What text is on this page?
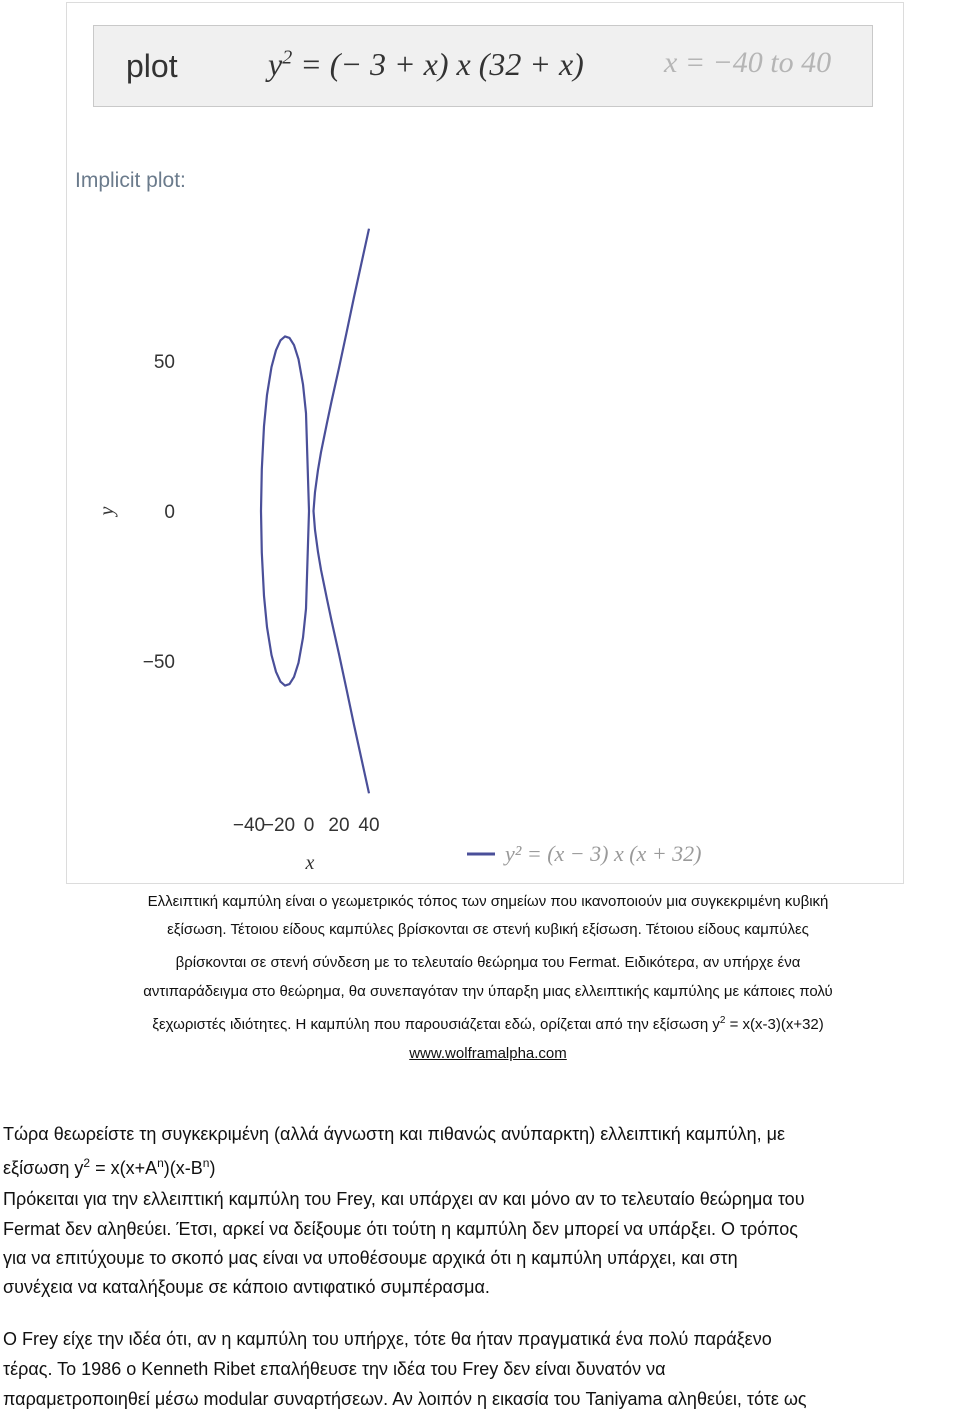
plot	$y^2$ = (− 3 + x) x (32 + x)	x = −40 to 40
Implicit plot:
y
x
−40
−20 0 20 40
50
0
−50
y² = (x − 3) x (x + 32)
Ελλειπτική καμπύλη είναι ο γεωμετρικός τόπος των σημείων που ικανοποιούν μια συγκεκριμένη κυβική
εξίσωση. Τέτοιου είδους καμπύλες βρίσκονται σε στενή κυβική εξίσωση. Τέτοιου είδους καμπύλες
βρίσκονται σε στενή σύνδεση με το τελευταίο θεώρημα του Fermat. Ειδικότερα, αν υπήρχε ένα
αντιπαράδειγμα στο θεώρημα, θα συνεπαγόταν την ύπαρξη μιας ελλειπτικής καμπύλης με κάποιες πολύ
ξεχωριστές ιδιότητες. Η καμπύλη που παρουσιάζεται εδώ, ορίζεται από την εξίσωση $y^2 = x(x-3)(x+32)$
www.wolframalpha.com
Τώρα θεωρείστε τη συγκεκριμένη (αλλά άγνωστη και πιθανώς ανύπαρκτη) ελλειπτική καμπύλη, με
εξίσωση $y^2 = x(x+A^n)(x-B^n)$
Πρόκειται για την ελλειπτική καμπύλη του Frey, και υπάρχει αν και μόνο αν το τελευταίο θεώρημα του
Fermat δεν αληθεύει. Έτσι, αρκεί να δείξουμε ότι τούτη η καμπύλη δεν μπορεί να υπάρξει. Ο τρόπος
για να επιτύχουμε το σκοπό μας είναι να υποθέσουμε αρχικά ότι η καμπύλη υπάρχει, και στη
συνέχεια να καταλήξουμε σε κάποιο αντιφατικό συμπέρασμα.
Ο Frey είχε την ιδέα ότι, αν η καμπύλη του υπήρχε, τότε θα ήταν πραγματικά ένα πολύ παράξενο
τέρας. Το 1986 ο Kenneth Ribet επαλήθευσε την ιδέα του Frey δεν είναι δυνατόν να
παραμετροποιηθεί μέσω modular συναρτήσεων. Αν λοιπόν η εικασία του Taniyama αληθεύει, τότε ως
